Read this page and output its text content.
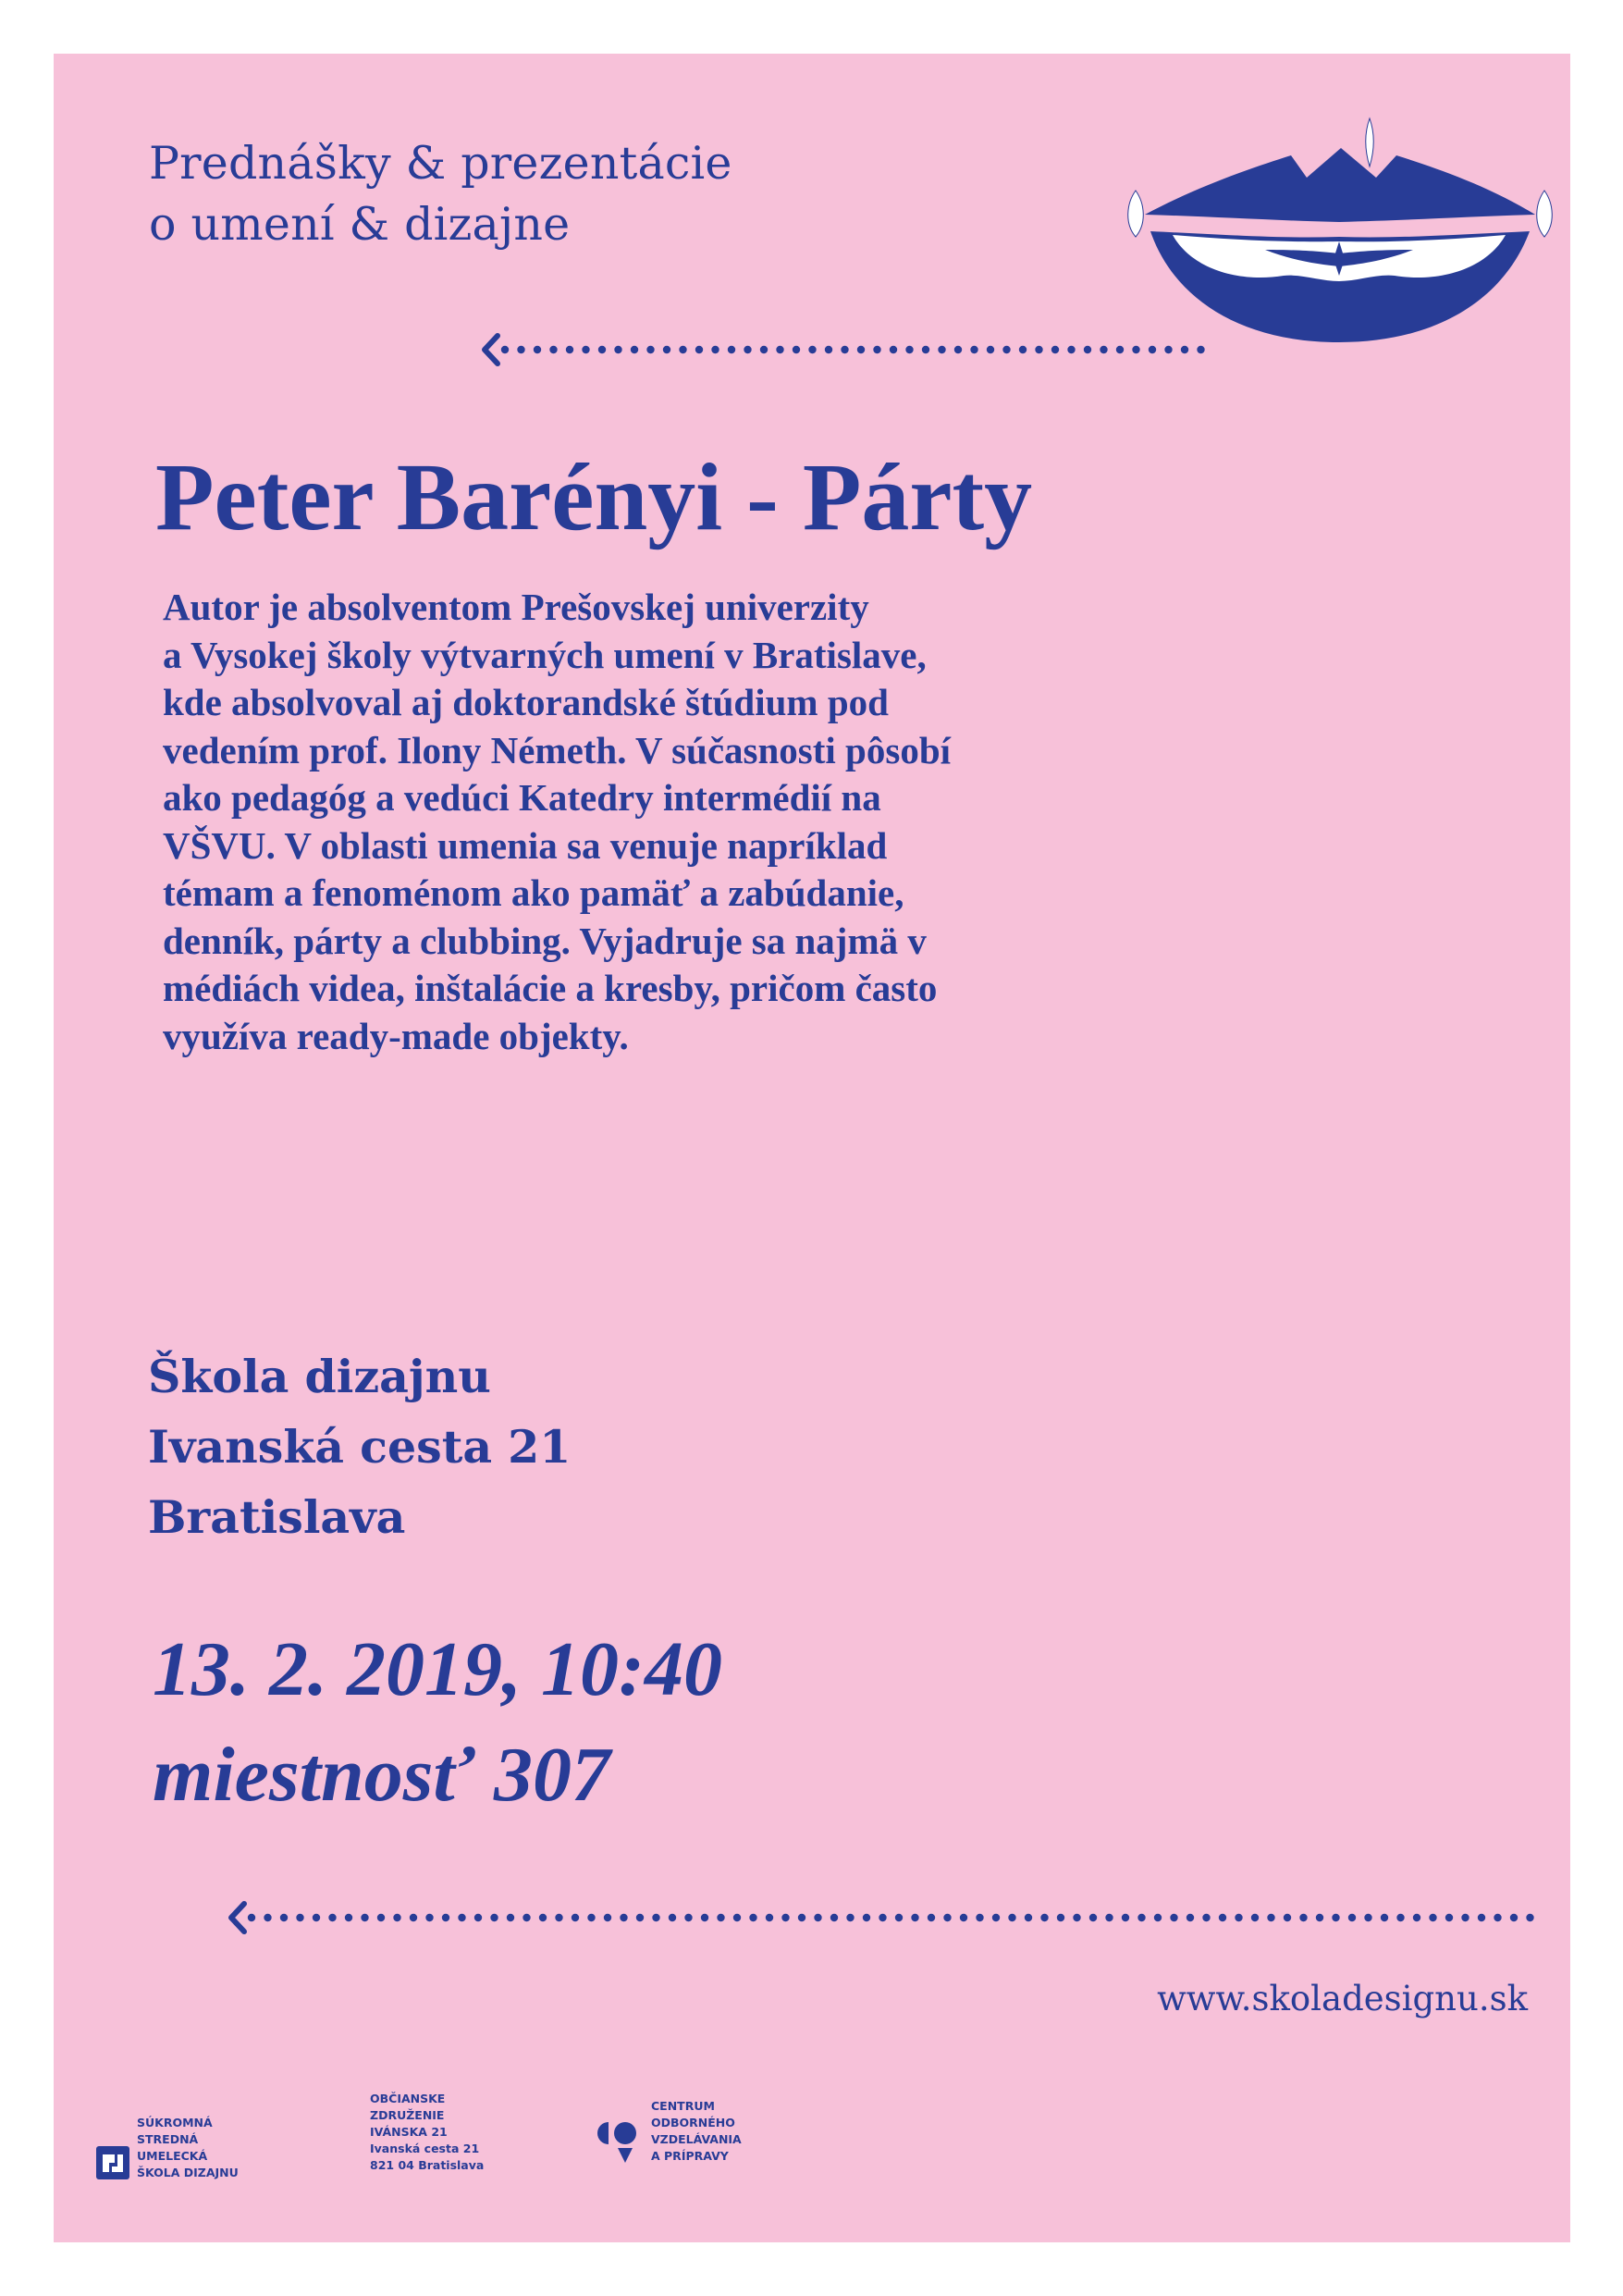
Prednášky & prezentácie
o umení & dizajne
Peter Barényi - Párty
Autor je absolventom Prešovskej univerzity
a Vysokej školy výtvarných umení v Bratislave,
kde absolvoval aj doktorandské štúdium pod
vedením prof. Ilony Németh. V súčasnosti pôsobí
ako pedagóg a vedúci Katedry intermédií na
VŠVU. V oblasti umenia sa venuje napríklad
témam a fenoménom ako pamäť a zabúdanie,
denník, párty a clubbing. Vyjadruje sa najmä v
médiách videa, inštalácie a kresby, pričom často
využíva ready-made objekty.
Škola dizajnu
Ivanská cesta 21
Bratislava
13. 2. 2019, 10:40
miestnosť 307
www.skoladesignu.sk
SÚKROMNÁ
STREDNÁ
UMELECKÁ
ŠKOLA DIZAJNU
OBČIANSKE
ZDRUŽENIE
IVÁNSKA 21
Ivanská cesta 21
821 04 Bratislava
CENTRUM
ODBORNÉHO
VZDELÁVANIA
A PRÍPRAVY
